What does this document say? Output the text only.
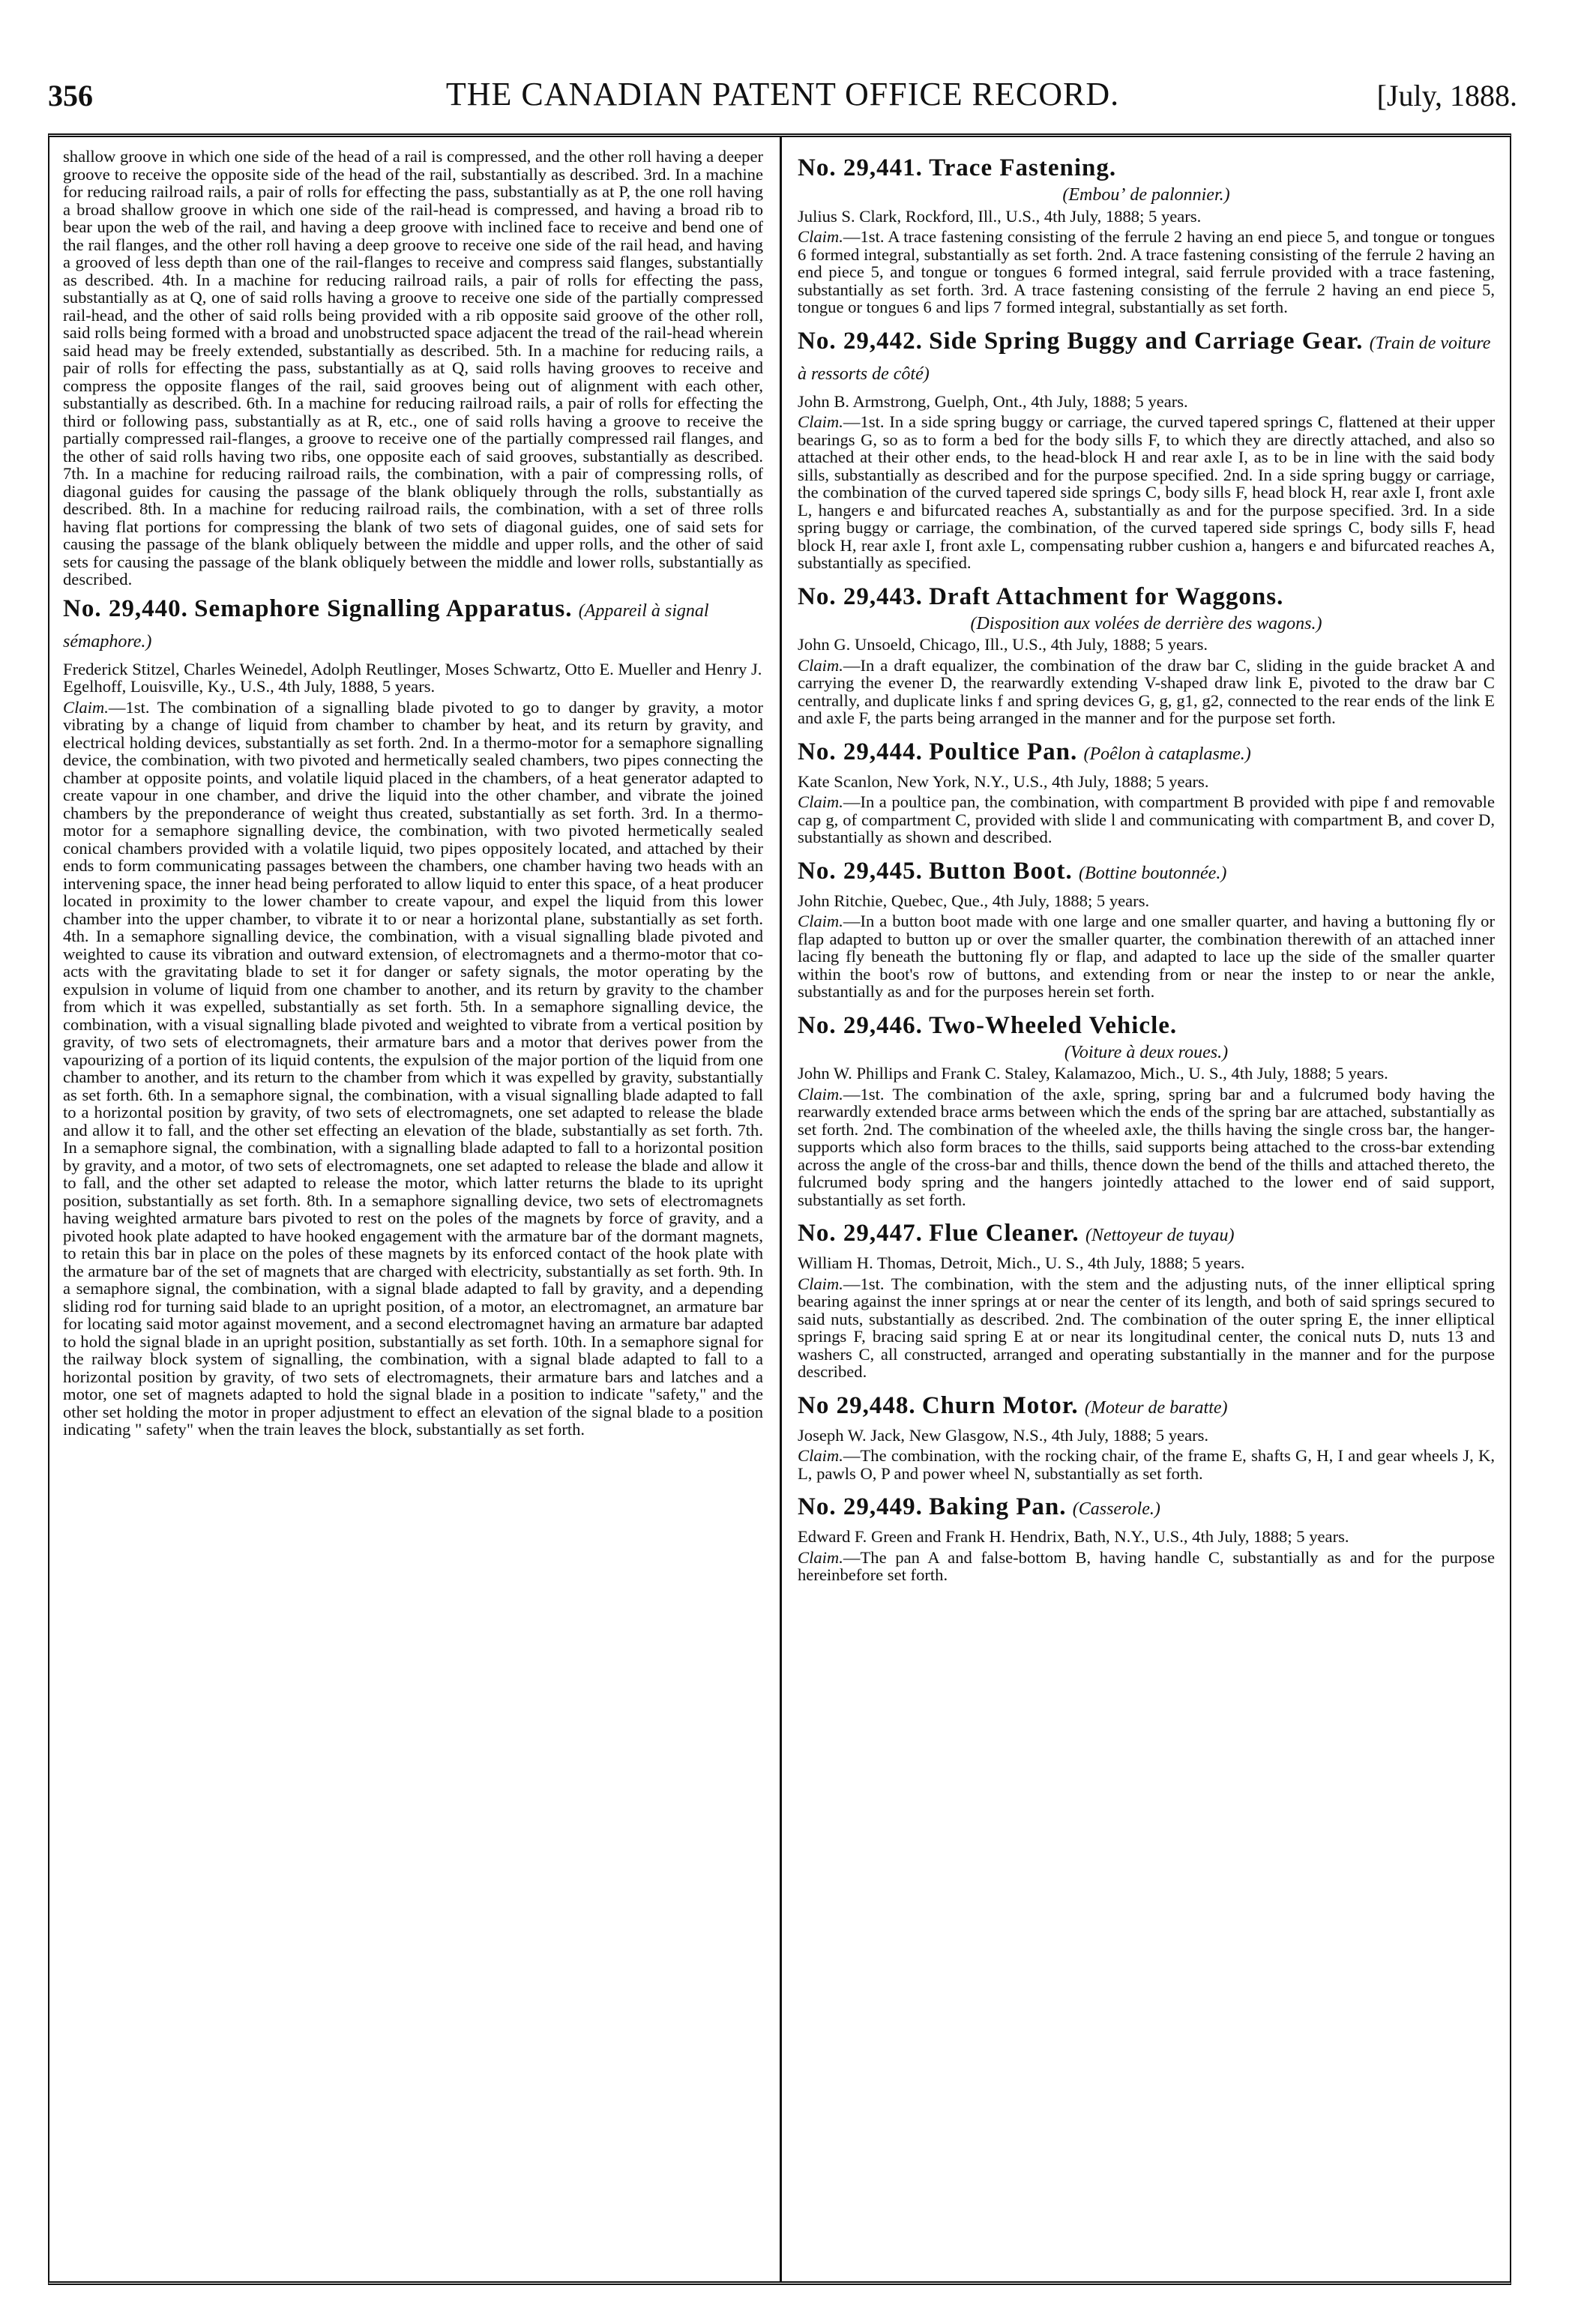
356	THE CANADIAN PATENT OFFICE RECORD.	[July, 1888.

shallow groove in which one side of the head of a rail is compressed, and the other roll having a deeper groove to receive the opposite side of the head of the rail, substantially as described. 3rd. In a machine for reducing railroad rails, a pair of rolls for effecting the pass, substantially as at P, the one roll having a broad shallow groove in which one side of the rail-head is compressed, and having a broad rib to bear upon the web of the rail, and having a deep groove with inclined face to receive and bend one of the rail flanges, and the other roll having a deep groove to receive one side of the rail head, and having a grooved of less depth than one of the rail-flanges to receive and compress said flanges, substantially as described. 4th. In a machine for reducing railroad rails, a pair of rolls for effecting the pass, substantially as at Q, one of said rolls having a groove to receive one side of the partially compressed rail-head, and the other of said rolls being provided with a rib opposite said groove of the other roll, said rolls being formed with a broad and unobstructed space adjacent the tread of the rail-head wherein said head may be freely extended, substantially as described. 5th. In a machine for reducing rails, a pair of rolls for effecting the pass, substantially as at Q, said rolls having grooves to receive and compress the opposite flanges of the rail, said grooves being out of alignment with each other, substantially as described. 6th. In a machine for reducing railroad rails, a pair of rolls for effecting the third or following pass, substantially as at R, etc., one of said rolls having a groove to receive the partially compressed rail-flanges, a groove to receive one of the partially compressed rail flanges, and the other of said rolls having two ribs, one opposite each of said grooves, substantially as described. 7th. In a machine for reducing railroad rails, the combination, with a pair of compressing rolls, of diagonal guides for causing the passage of the blank obliquely through the rolls, substantially as described. 8th. In a machine for reducing railroad rails, the combination, with a set of three rolls having flat portions for compressing the blank of two sets of diagonal guides, one of said sets for causing the passage of the blank obliquely between the middle and upper rolls, and the other of said sets for causing the passage of the blank obliquely between the middle and lower rolls, substantially as described.

No. 29,440. Semaphore Signalling Apparatus. (Appareil à signal sémaphore.)

Frederick Stitzel, Charles Weinedel, Adolph Reutlinger, Moses Schwartz, Otto E. Mueller and Henry J. Egelhoff, Louisville, Ky., U.S., 4th July, 1888, 5 years.

Claim.—1st. The combination of a signalling blade pivoted to go to danger by gravity, a motor vibrating by a change of liquid from chamber to chamber by heat, and its return by gravity, and electrical holding devices, substantially as set forth. 2nd. In a thermo-motor for a semaphore signalling device, the combination, with two pivoted and hermetically sealed chambers, two pipes connecting the chamber at opposite points, and volatile liquid placed in the chambers, of a heat generator adapted to create vapour in one chamber, and drive the liquid into the other chamber, and vibrate the joined chambers by the preponderance of weight thus created, substantially as set forth. 3rd. In a thermo-motor for a semaphore signalling device, the combination, with two pivoted hermetically sealed conical chambers provided with a volatile liquid, two pipes oppositely located, and attached by their ends to form communicating passages between the chambers, one chamber having two heads with an intervening space, the inner head being perforated to allow liquid to enter this space, of a heat producer located in proximity to the lower chamber to create vapour, and expel the liquid from this lower chamber into the upper chamber, to vibrate it to or near a horizontal plane, substantially as set forth. 4th. In a semaphore signalling device, the combination, with a visual signalling blade pivoted and weighted to cause its vibration and outward extension, of electromagnets and a thermo-motor that co-acts with the gravitating blade to set it for danger or safety signals, the motor operating by the expulsion in volume of liquid from one chamber to another, and its return by gravity to the chamber from which it was expelled, substantially as set forth. 5th. In a semaphore signalling device, the combination, with a visual signalling blade pivoted and weighted to vibrate from a vertical position by gravity, of two sets of electromagnets, their armature bars and a motor that derives power from the vapourizing of a portion of its liquid contents, the expulsion of the major portion of the liquid from one chamber to another, and its return to the chamber from which it was expelled by gravity, substantially as set forth. 6th. In a semaphore signal, the combination, with a visual signalling blade adapted to fall to a horizontal position by gravity, of two sets of electromagnets, one set adapted to release the blade and allow it to fall, and the other set effecting an elevation of the blade, substantially as set forth. 7th. In a semaphore signal, the combination, with a signalling blade adapted to fall to a horizontal position by gravity, and a motor, of two sets of electromagnets, one set adapted to release the blade and allow it to fall, and the other set adapted to release the motor, which latter returns the blade to its upright position, substantially as set forth. 8th. In a semaphore signalling device, two sets of electromagnets having weighted armature bars pivoted to rest on the poles of the magnets by force of gravity, and a pivoted hook plate adapted to have hooked engagement with the armature bar of the dormant magnets, to retain this bar in place on the poles of these magnets by its enforced contact of the hook plate with the armature bar of the set of magnets that are charged with electricity, substantially as set forth. 9th. In a semaphore signal, the combination, with a signal blade adapted to fall by gravity, and a depending sliding rod for turning said blade to an upright position, of a motor, an electromagnet, an armature bar for locating said motor against movement, and a second electromagnet having an armature bar adapted to hold the signal blade in an upright position, substantially as set forth. 10th. In a semaphore signal for the railway block system of signalling, the combination, with a signal blade adapted to fall to a horizontal position by gravity, of two sets of electromagnets, their armature bars and latches and a motor, one set of magnets adapted to hold the signal blade in a position to indicate "safety," and the other set holding the motor in proper adjustment to effect an elevation of the signal blade to a position indicating " safety" when the train leaves the block, substantially as set forth.

No. 29,441. Trace Fastening.

(Embouʼ de palonnier.)

Julius S. Clark, Rockford, Ill., U.S., 4th July, 1888; 5 years.

Claim.—1st. A trace fastening consisting of the ferrule 2 having an end piece 5, and tongue or tongues 6 formed integral, substantially as set forth. 2nd. A trace fastening consisting of the ferrule 2 having an end piece 5, and tongue or tongues 6 formed integral, said ferrule provided with a trace fastening, substantially as set forth. 3rd. A trace fastening consisting of the ferrule 2 having an end piece 5, tongue or tongues 6 and lips 7 formed integral, substantially as set forth.

No. 29,442. Side Spring Buggy and Carriage Gear. (Train de voiture à ressorts de côté)

John B. Armstrong, Guelph, Ont., 4th July, 1888; 5 years.

Claim.—1st. In a side spring buggy or carriage, the curved tapered springs C, flattened at their upper bearings G, so as to form a bed for the body sills F, to which they are directly attached, and also so attached at their other ends, to the head-block H and rear axle I, as to be in line with the said body sills, substantially as described and for the purpose specified. 2nd. In a side spring buggy or carriage, the combination of the curved tapered side springs C, body sills F, head block H, rear axle I, front axle L, hangers e and bifurcated reaches A, substantially as and for the purpose specified. 3rd. In a side spring buggy or carriage, the combination, of the curved tapered side springs C, body sills F, head block H, rear axle I, front axle L, compensating rubber cushion a, hangers e and bifurcated reaches A, substantially as specified.

No. 29,443. Draft Attachment for Waggons.

(Disposition aux volées de derrière des wagons.)

John G. Unsoeld, Chicago, Ill., U.S., 4th July, 1888; 5 years.

Claim.—In a draft equalizer, the combination of the draw bar C, sliding in the guide bracket A and carrying the evener D, the rearwardly extending V-shaped draw link E, pivoted to the draw bar C centrally, and duplicate links f and spring devices G, g, g1, g2, connected to the rear ends of the link E and axle F, the parts being arranged in the manner and for the purpose set forth.

No. 29,444. Poultice Pan. (Poêlon à cataplasme.)

Kate Scanlon, New York, N.Y., U.S., 4th July, 1888; 5 years.

Claim.—In a poultice pan, the combination, with compartment B provided with pipe f and removable cap g, of compartment C, provided with slide l and communicating with compartment B, and cover D, substantially as shown and described.

No. 29,445. Button Boot. (Bottine boutonnée.)

John Ritchie, Quebec, Que., 4th July, 1888; 5 years.

Claim.—In a button boot made with one large and one smaller quarter, and having a buttoning fly or flap adapted to button up or over the smaller quarter, the combination therewith of an attached inner lacing fly beneath the buttoning fly or flap, and adapted to lace up the side of the smaller quarter within the boot's row of buttons, and extending from or near the instep to or near the ankle, substantially as and for the purposes herein set forth.

No. 29,446. Two-Wheeled Vehicle.

(Voiture à deux roues.)

John W. Phillips and Frank C. Staley, Kalamazoo, Mich., U. S., 4th July, 1888; 5 years.

Claim.—1st. The combination of the axle, spring, spring bar and a fulcrumed body having the rearwardly extended brace arms between which the ends of the spring bar are attached, substantially as set forth. 2nd. The combination of the wheeled axle, the thills having the single cross bar, the hanger-supports which also form braces to the thills, said supports being attached to the cross-bar extending across the angle of the cross-bar and thills, thence down the bend of the thills and attached thereto, the fulcrumed body spring and the hangers jointedly attached to the lower end of said support, substantially as set forth.

No. 29,447. Flue Cleaner. (Nettoyeur de tuyau)

William H. Thomas, Detroit, Mich., U. S., 4th July, 1888; 5 years.

Claim.—1st. The combination, with the stem and the adjusting nuts, of the inner elliptical spring bearing against the inner springs at or near the center of its length, and both of said springs secured to said nuts, substantially as described. 2nd. The combination of the outer spring E, the inner elliptical springs F, bracing said spring E at or near its longitudinal center, the conical nuts D, nuts 13 and washers C, all constructed, arranged and operating substantially in the manner and for the purpose described.

No 29,448. Churn Motor. (Moteur de baratte)

Joseph W. Jack, New Glasgow, N.S., 4th July, 1888; 5 years.

Claim.—The combination, with the rocking chair, of the frame E, shafts G, H, I and gear wheels J, K, L, pawls O, P and power wheel N, substantially as set forth.

No. 29,449. Baking Pan. (Casserole.)

Edward F. Green and Frank H. Hendrix, Bath, N.Y., U.S., 4th July, 1888; 5 years.

Claim.—The pan A and false-bottom B, having handle C, substantially as and for the purpose hereinbefore set forth.
